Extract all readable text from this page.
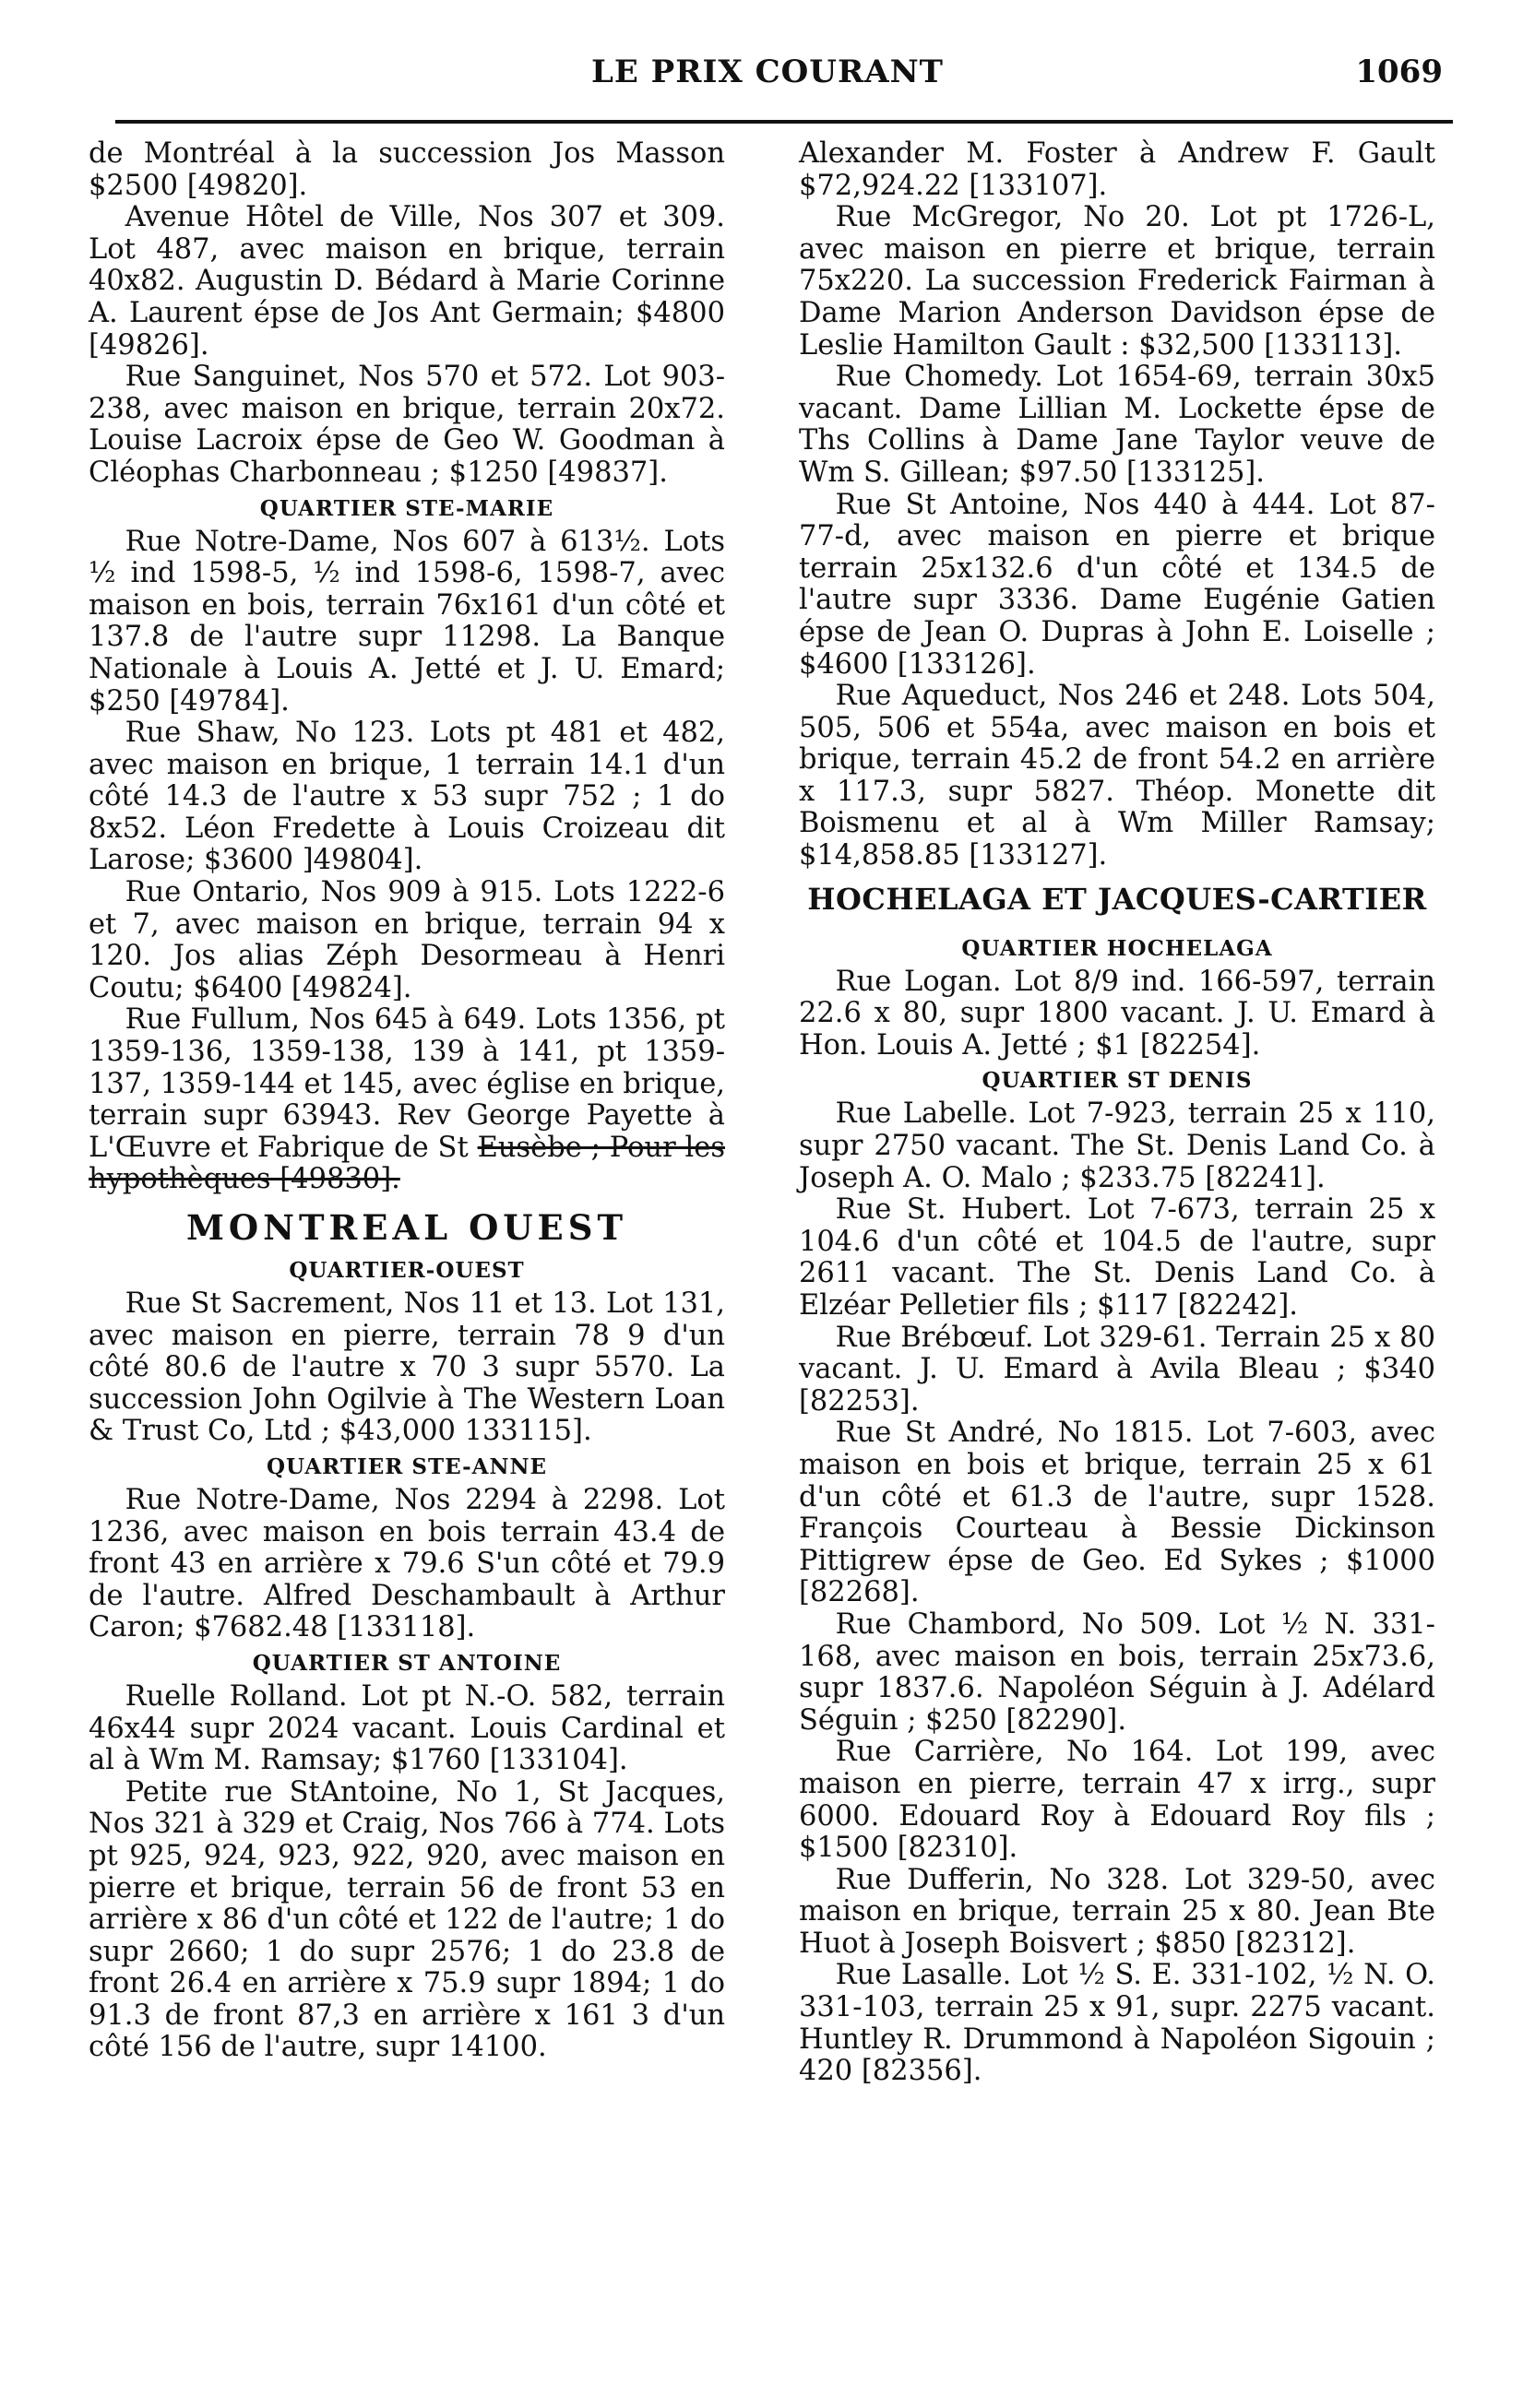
LE PRIX COURANT	1069

de Montréal à la succession Jos Masson $2500 [49820].

Avenue Hôtel de Ville, Nos 307 et 309. Lot 487, avec maison en brique, terrain 40x82. Augustin D. Bédard à Marie Corinne A. Laurent épse de Jos Ant Germain; $4800 [49826].

Rue Sanguinet, Nos 570 et 572. Lot 903-238, avec maison en brique, terrain 20x72. Louise Lacroix épse de Geo W. Goodman à Cléophas Charbonneau ; $1250 [49837].

QUARTIER STE-MARIE

Rue Notre-Dame, Nos 607 à 613½. Lots ½ ind 1598-5, ½ ind 1598-6, 1598-7, avec maison en bois, terrain 76x161 d'un côté et 137.8 de l'autre supr 11298. La Banque Nationale à Louis A. Jetté et J. U. Emard; $250 [49784].

Rue Shaw, No 123. Lots pt 481 et 482, avec maison en brique, 1 terrain 14.1 d'un côté 14.3 de l'autre x 53 supr 752 ; 1 do 8x52. Léon Fredette à Louis Croizeau dit Larose; $3600 ]49804].

Rue Ontario, Nos 909 à 915. Lots 1222-6 et 7, avec maison en brique, terrain 94 x 120. Jos alias Zéph Desormeau à Henri Coutu; $6400 [49824].

Rue Fullum, Nos 645 à 649. Lots 1356, pt 1359-136, 1359-138, 139 à 141, pt 1359-137, 1359-144 et 145, avec église en brique, terrain supr 63943. Rev George Payette à L'Œuvre et Fabrique de St Eusèbe ; Pour les hypothèques [49830].

MONTREAL OUEST
QUARTIER-OUEST

Rue St Sacrement, Nos 11 et 13. Lot 131, avec maison en pierre, terrain 78 9 d'un côté 80.6 de l'autre x 70 3 supr 5570. La succession John Ogilvie à The Western Loan & Trust Co, Ltd ; $43,000 133115].

QUARTIER STE-ANNE

Rue Notre-Dame, Nos 2294 à 2298. Lot 1236, avec maison en bois terrain 43.4 de front 43 en arrière x 79.6 S'un côté et 79.9 de l'autre. Alfred Deschambault à Arthur Caron; $7682.48 [133118].

QUARTIER ST ANTOINE

Ruelle Rolland. Lot pt N.-O. 582, terrain 46x44 supr 2024 vacant. Louis Cardinal et al à Wm M. Ramsay; $1760 [133104].

Petite rue StAntoine, No 1, St Jacques, Nos 321 à 329 et Craig, Nos 766 à 774. Lots pt 925, 924, 923, 922, 920, avec maison en pierre et brique, terrain 56 de front 53 en arrière x 86 d'un côté et 122 de l'autre; 1 do supr 2660; 1 do supr 2576; 1 do 23.8 de front 26.4 en arrière x 75.9 supr 1894; 1 do 91.3 de front 87,3 en arrière x 161 3 d'un côté 156 de l'autre, supr 14100.

Alexander M. Foster à Andrew F. Gault $72,924.22 [133107].

Rue McGregor, No 20. Lot pt 1726-L, avec maison en pierre et brique, terrain 75x220. La succession Frederick Fairman à Dame Marion Anderson Davidson épse de Leslie Hamilton Gault : $32,500 [133113].

Rue Chomedy. Lot 1654-69, terrain 30x5 vacant. Dame Lillian M. Lockette épse de Ths Collins à Dame Jane Taylor veuve de Wm S. Gillean; $97.50 [133125].

Rue St Antoine, Nos 440 à 444. Lot 87-77-d, avec maison en pierre et brique terrain 25x132.6 d'un côté et 134.5 de l'autre supr 3336. Dame Eugénie Gatien épse de Jean O. Dupras à John E. Loiselle ; $4600 [133126].

Rue Aqueduct, Nos 246 et 248. Lots 504, 505, 506 et 554a, avec maison en bois et brique, terrain 45.2 de front 54.2 en arrière x 117.3, supr 5827. Théop. Monette dit Boismenu et al à Wm Miller Ramsay; $14,858.85 [133127].

HOCHELAGA ET JACQUES-CARTIER
QUARTIER HOCHELAGA

Rue Logan. Lot 8/9 ind. 166-597, terrain 22.6 x 80, supr 1800 vacant. J. U. Emard à Hon. Louis A. Jetté ; $1 [82254].

QUARTIER ST DENIS

Rue Labelle. Lot 7-923, terrain 25 x 110, supr 2750 vacant. The St. Denis Land Co. à Joseph A. O. Malo ; $233.75 [82241].

Rue St. Hubert. Lot 7-673, terrain 25 x 104.6 d'un côté et 104.5 de l'autre, supr 2611 vacant. The St. Denis Land Co. à Elzéar Pelletier fils ; $117 [82242].

Rue Brébœuf. Lot 329-61. Terrain 25 x 80 vacant. J. U. Emard à Avila Bleau ; $340 [82253].

Rue St André, No 1815. Lot 7-603, avec maison en bois et brique, terrain 25 x 61 d'un côté et 61.3 de l'autre, supr 1528. François Courteau à Bessie Dickinson Pittigrew épse de Geo. Ed Sykes ; $1000 [82268].

Rue Chambord, No 509. Lot ½ N. 331-168, avec maison en bois, terrain 25x73.6, supr 1837.6. Napoléon Séguin à J. Adélard Séguin ; $250 [82290].

Rue Carrière, No 164. Lot 199, avec maison en pierre, terrain 47 x irrg., supr 6000. Edouard Roy à Edouard Roy fils ; $1500 [82310].

Rue Dufferin, No 328. Lot 329-50, avec maison en brique, terrain 25 x 80. Jean Bte Huot à Joseph Boisvert ; $850 [82312].

Rue Lasalle. Lot ½ S. E. 331-102, ½ N. O. 331-103, terrain 25 x 91, supr. 2275 vacant. Huntley R. Drummond à Napoléon Sigouin ; 420 [82356].
